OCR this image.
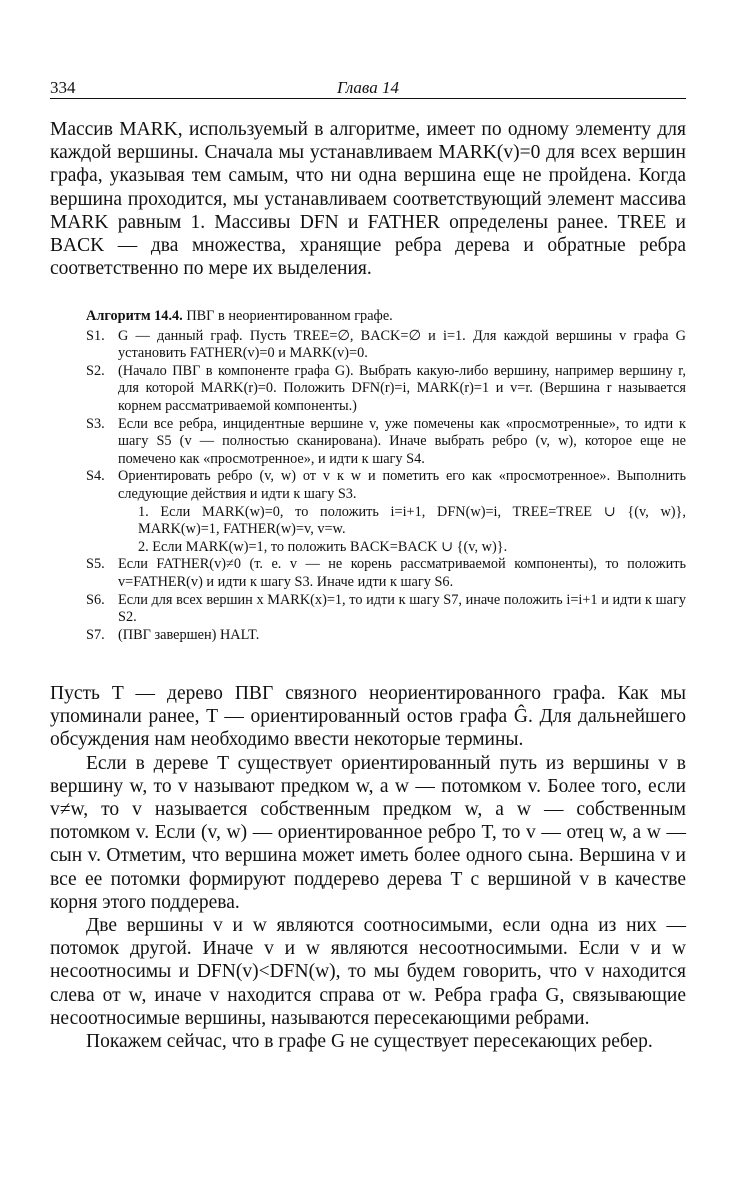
334	Глава 14

Массив MARK, используемый в алгоритме, имеет по одному элементу для каждой вершины. Сначала мы устанавливаем MARK(v)=0 для всех вершин графа, указывая тем самым, что ни одна вершина еще не пройдена. Когда вершина проходится, мы устанавливаем соответствующий элемент массива MARK равным 1. Массивы DFN и FATHER определены ранее. TREE и BACK — два множества, хранящие ребра дерева и обратные ребра соответственно по мере их выделения.

Алгоритм 14.4. ПВГ в неориентированном графе.

S1. G — данный граф. Пусть TREE=∅, BACK=∅ и i=1. Для каждой вершины v графа G установить FATHER(v)=0 и MARK(v)=0.
S2. (Начало ПВГ в компоненте графа G). Выбрать какую-либо вершину, например вершину r, для которой MARK(r)=0. Положить DFN(r)=i, MARK(r)=1 и v=r. (Вершина r называется корнем рассматриваемой компоненты.)
S3. Если все ребра, инцидентные вершине v, уже помечены как «просмотренные», то идти к шагу S5 (v — полностью сканирована). Иначе выбрать ребро (v, w), которое еще не помечено как «просмотренное», и идти к шагу S4.
S4. Ориентировать ребро (v, w) от v к w и пометить его как «просмотренное». Выполнить следующие действия и идти к шагу S3.

1. Если MARK(w)=0, то положить i=i+1, DFN(w)=i, TREE=TREE ∪ {(v, w)}, MARK(w)=1, FATHER(w)=v, v=w.

2. Если MARK(w)=1, то положить BACK=BACK ∪ {(v, w)}.

S5. Если FATHER(v)≠0 (т. е. v — не корень рассматриваемой компоненты), то положить v=FATHER(v) и идти к шагу S3. Иначе идти к шагу S6.
S6. Если для всех вершин x MARK(x)=1, то идти к шагу S7, иначе положить i=i+1 и идти к шагу S2.
S7. (ПВГ завершен) HALT.

Пусть T — дерево ПВГ связного неориентированного графа. Как мы упоминали ранее, T — ориентированный остов графа Ĝ. Для дальнейшего обсуждения нам необходимо ввести некоторые термины.

Если в дереве T существует ориентированный путь из вершины v в вершину w, то v называют предком w, а w — потомком v. Более того, если v≠w, то v называется собственным предком w, а w — собственным потомком v. Если (v, w) — ориентированное ребро T, то v — отец w, а w — сын v. Отметим, что вершина может иметь более одного сына. Вершина v и все ее потомки формируют поддерево дерева T с вершиной v в качестве корня этого поддерева.

Две вершины v и w являются соотносимыми, если одна из них — потомок другой. Иначе v и w являются несоотносимыми. Если v и w несоотносимы и DFN(v)<DFN(w), то мы будем говорить, что v находится слева от w, иначе v находится справа от w. Ребра графа G, связывающие несоотносимые вершины, называются пересекающими ребрами.

Покажем сейчас, что в графе G не существует пересекающих ребер.
